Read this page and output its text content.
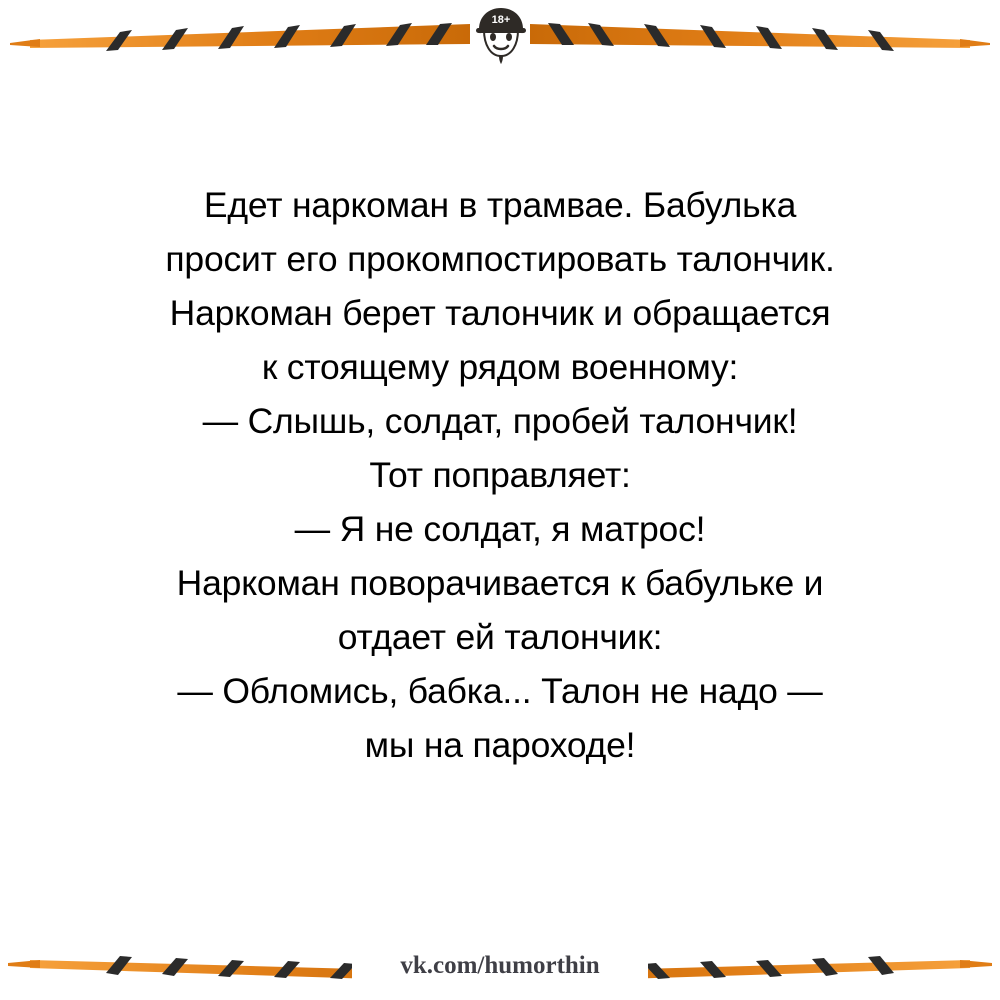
18+
Едет наркоман в трамвае. Бабулька
просит его прокомпостировать талончик.
Наркоман берет талончик и обращается
к стоящему рядом военному:
— Слышь, солдат, пробей талончик!
Тот поправляет:
— Я не солдат, я матрос!
Наркоман поворачивается к бабульке и
отдает ей талончик:
— Обломись, бабка... Талон не надо —
мы на пароходе!
vk.com/humorthin
